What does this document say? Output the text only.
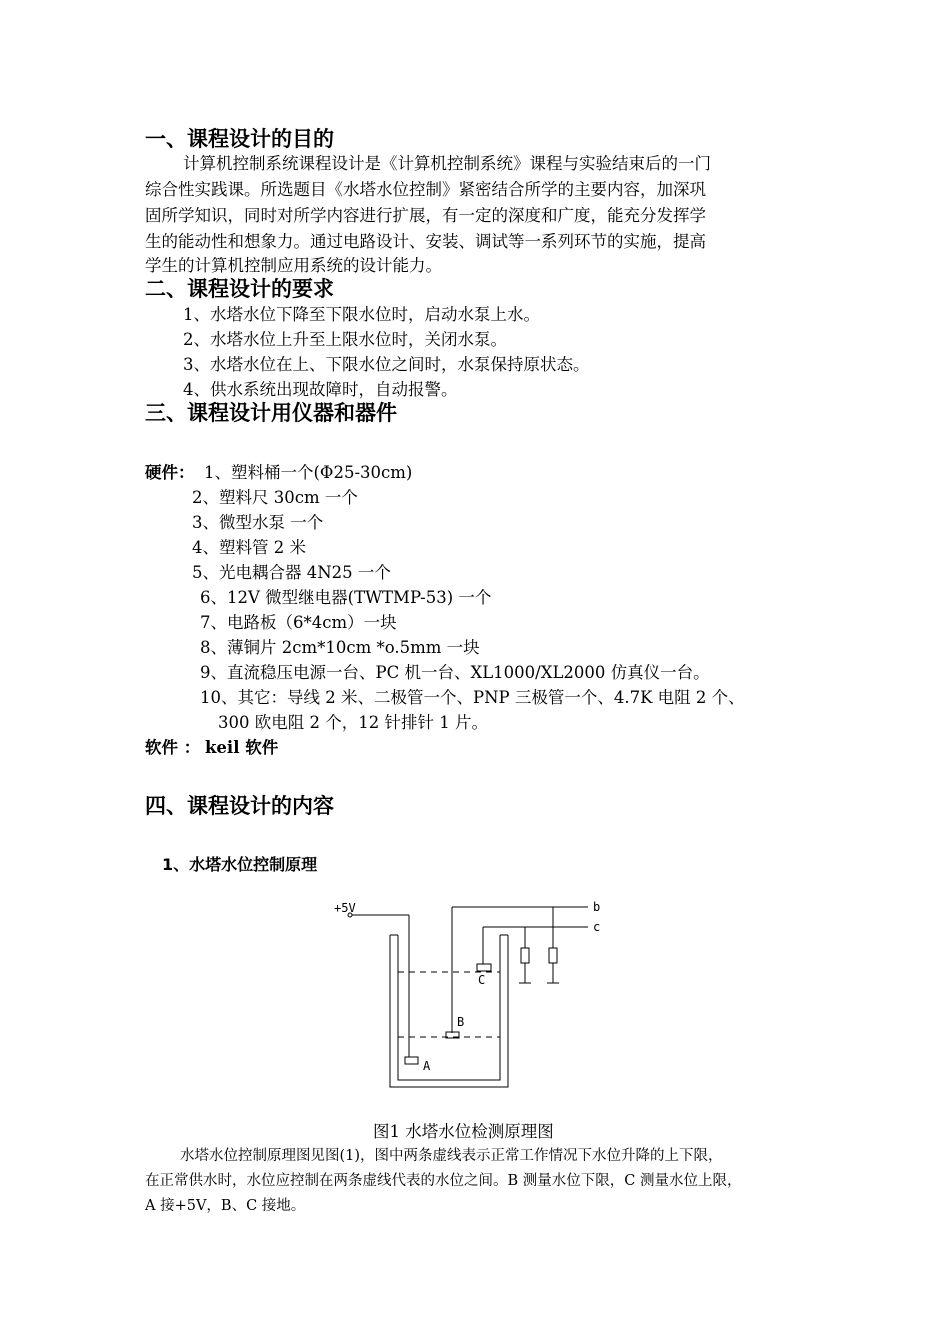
一、课程设计的目的
计算机控制系统课程设计是《计算机控制系统》课程与实验结束后的一门
综合性实践课。所选题目《水塔水位控制》紧密结合所学的主要内容，加深巩
固所学知识，同时对所学内容进行扩展，有一定的深度和广度，能充分发挥学
生的能动性和想象力。通过电路设计、安装、调试等一系列环节的实施，提高
学生的计算机控制应用系统的设计能力。
二、课程设计的要求
1、水塔水位下降至下限水位时，启动水泵上水。
2、水塔水位上升至上限水位时，关闭水泵。
3、水塔水位在上、下限水位之间时，水泵保持原状态。
4、供水系统出现故障时，自动报警。
三、课程设计用仪器和器件
硬件： 1、塑料桶一个(Φ25-30cm)
2、塑料尺 30cm 一个
3、微型水泵 一个
4、塑料管 2 米
5、光电耦合器 4N25 一个
6、12V 微型继电器(TWTMP-53) 一个
7、电路板（6*4cm）一块
8、薄铜片 2cm*10cm *o.5mm 一块
9、直流稳压电源一台、PC 机一台、XL1000/XL2000 仿真仪一台。
10、其它：导线 2 米、二极管一个、PNP 三极管一个、4.7K 电阻 2 个、
300 欧电阻 2 个，12 针排针 1 片。
软件 ： keil 软件
四、课程设计的内容
1、水塔水位控制原理
+5V	b
c
A
B
C
图1 水塔水位检测原理图
水塔水位控制原理图见图(1)，图中两条虚线表示正常工作情况下水位升降的上下限，
在正常供水时，水位应控制在两条虚线代表的水位之间。B 测量水位下限，C 测量水位上限，
A 接+5V，B、C 接地。
